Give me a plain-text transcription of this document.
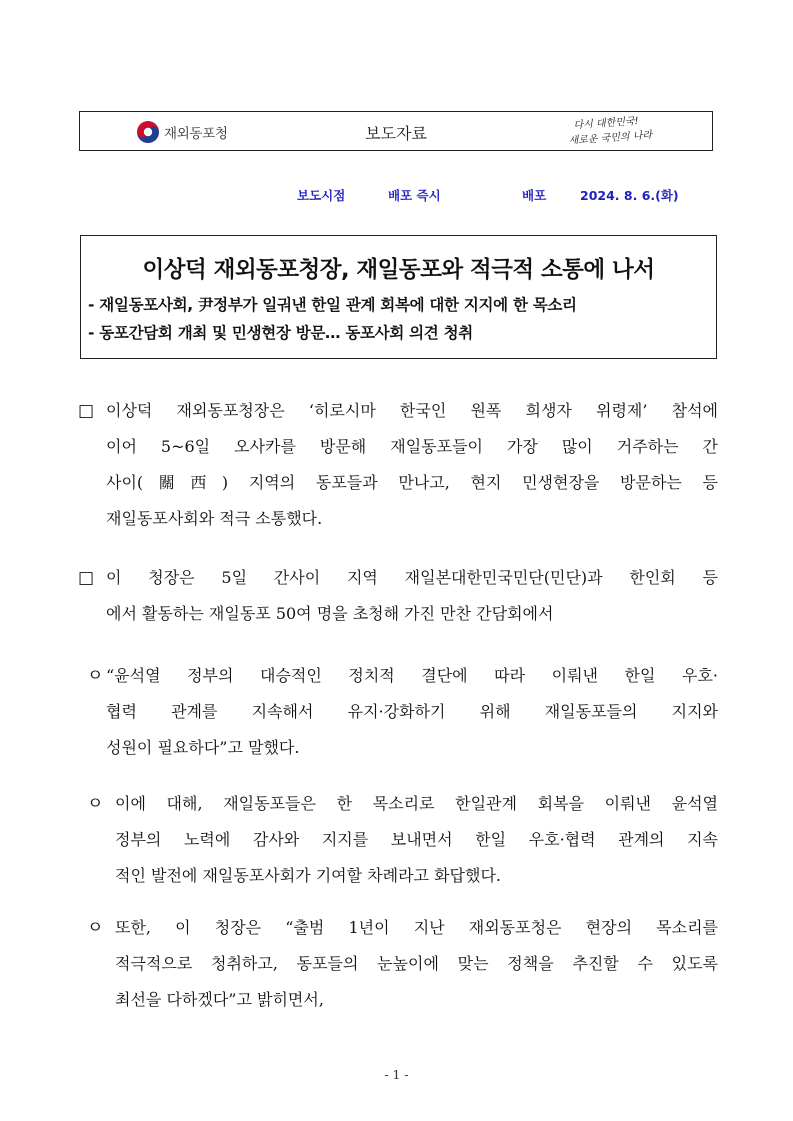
재외동포청	보도자료
다시 대한민국!
새로운 국민의 나라
보도시점	배포 즉시	배포	2024. 8. 6.(화)
이상덕 재외동포청장, 재일동포와 적극적 소통에 나서
- 재일동포사회, 尹정부가 일궈낸 한일 관계 회복에 대한 지지에 한 목소리
- 동포간담회 개최 및 민생현장 방문… 동포사회 의견 청취
□ 이상덕 재외동포청장은 ‘히로시마 한국인 원폭 희생자 위령제’ 참석에
이어 5~6일 오사카를 방문해 재일동포들이 가장 많이 거주하는 간
사이(關西) 지역의 동포들과 만나고, 현지 민생현장을 방문하는 등
재일동포사회와 적극 소통했다.
□ 이 청장은 5일 간사이 지역 재일본대한민국민단(민단)과 한인회 등
에서 활동하는 재일동포 50여 명을 초청해 가진 만찬 간담회에서
ㅇ “윤석열 정부의 대승적인 정치적 결단에 따라 이뤄낸 한일 우호·
협력 관계를 지속해서 유지·강화하기 위해 재일동포들의 지지와
성원이 필요하다”고 말했다.
ㅇ 이에 대해, 재일동포들은 한 목소리로 한일관계 회복을 이뤄낸 윤석열
정부의 노력에 감사와 지지를 보내면서 한일 우호·협력 관계의 지속
적인 발전에 재일동포사회가 기여할 차례라고 화답했다.
ㅇ 또한, 이 청장은 “출범 1년이 지난 재외동포청은 현장의 목소리를
적극적으로 청취하고, 동포들의 눈높이에 맞는 정책을 추진할 수 있도록
최선을 다하겠다”고 밝히면서,
- 1 -
